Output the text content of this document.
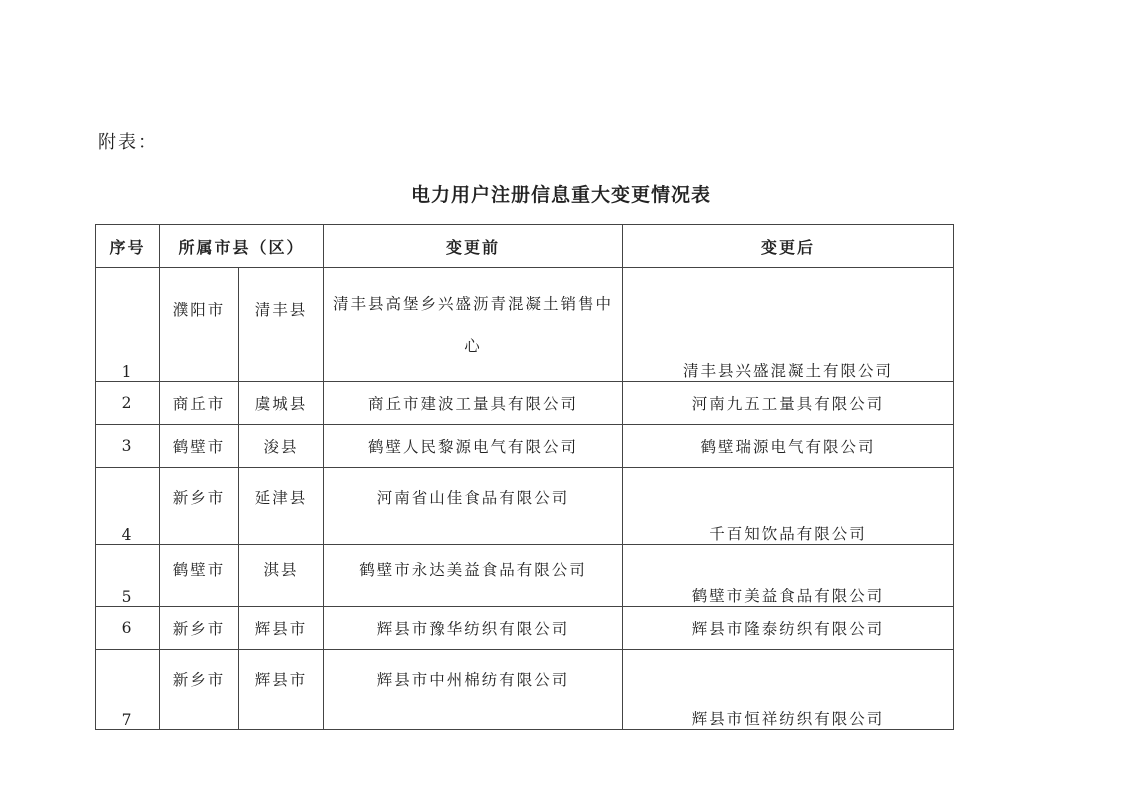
附表：
电力用户注册信息重大变更情况表
序号	所属市县（区）		变更前	变更后
1	濮阳市	清丰县	清丰县高堡乡兴盛沥青混凝土销售中心	清丰县兴盛混凝土有限公司
2	商丘市	虞城县	商丘市建波工量具有限公司	河南九五工量具有限公司
3	鹤壁市	浚县	鹤壁人民黎源电气有限公司	鹤壁瑞源电气有限公司
4	新乡市	延津县	河南省山佳食品有限公司	千百知饮品有限公司
5	鹤壁市	淇县	鹤壁市永达美益食品有限公司	鹤壁市美益食品有限公司
6	新乡市	辉县市	辉县市豫华纺织有限公司	辉县市隆泰纺织有限公司
7	新乡市	辉县市	辉县市中州棉纺有限公司	辉县市恒祥纺织有限公司
